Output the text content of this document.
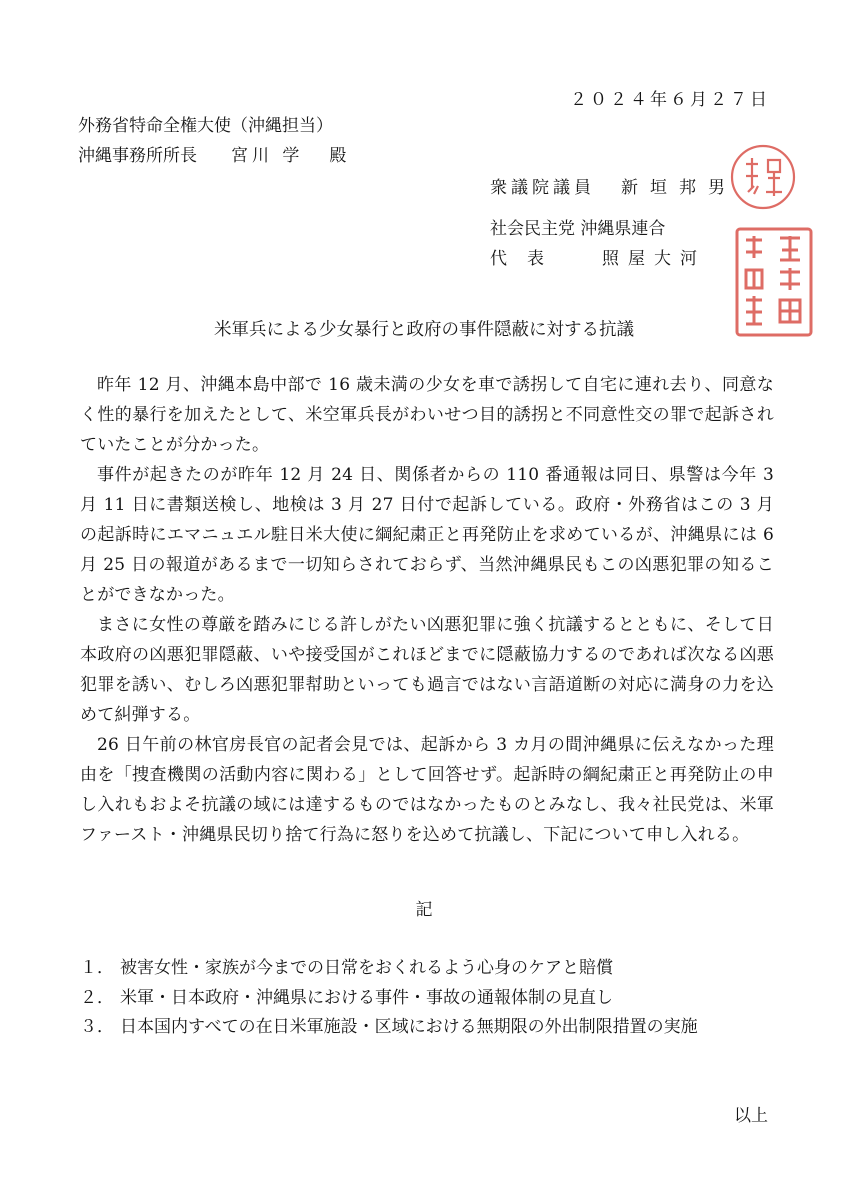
２０２４年６月２７日
外務省特命全権大使（沖縄担当）
沖縄事務所所長 宮川 学 殿
衆議院議員 新垣邦男
社会民主党 沖縄県連合
代表 照屋大河
米軍兵による少女暴行と政府の事件隠蔽に対する抗議

昨年 12 月、沖縄本島中部で 16 歳未満の少女を車で誘拐して自宅に連れ去り、同意なく性的暴行を加えたとして、米空軍兵長がわいせつ目的誘拐と不同意性交の罪で起訴されていたことが分かった。

事件が起きたのが昨年 12 月 24 日、関係者からの 110 番通報は同日、県警は今年 3 月 11 日に書類送検し、地検は 3 月 27 日付で起訴している。政府・外務省はこの 3 月の起訴時にエマニュエル駐日米大使に綱紀粛正と再発防止を求めているが、沖縄県には 6 月 25 日の報道があるまで一切知らされておらず、当然沖縄県民もこの凶悪犯罪の知ることができなかった。

まさに女性の尊厳を踏みにじる許しがたい凶悪犯罪に強く抗議するとともに、そして日本政府の凶悪犯罪隠蔽、いや接受国がこれほどまでに隠蔽協力するのであれば次なる凶悪犯罪を誘い、むしろ凶悪犯罪幇助といっても過言ではない言語道断の対応に満身の力を込めて糾弾する。

26 日午前の林官房長官の記者会見では、起訴から 3 カ月の間沖縄県に伝えなかった理由を「捜査機関の活動内容に関わる」として回答せず。起訴時の綱紀粛正と再発防止の申し入れもおよそ抗議の域には達するものではなかったものとみなし、我々社民党は、米軍ファースト・沖縄県民切り捨て行為に怒りを込めて抗議し、下記について申し入れる。

記
１． 被害女性・家族が今までの日常をおくれるよう心身のケアと賠償
２． 米軍・日本政府・沖縄県における事件・事故の通報体制の見直し
３． 日本国内すべての在日米軍施設・区域における無期限の外出制限措置の実施
以上
